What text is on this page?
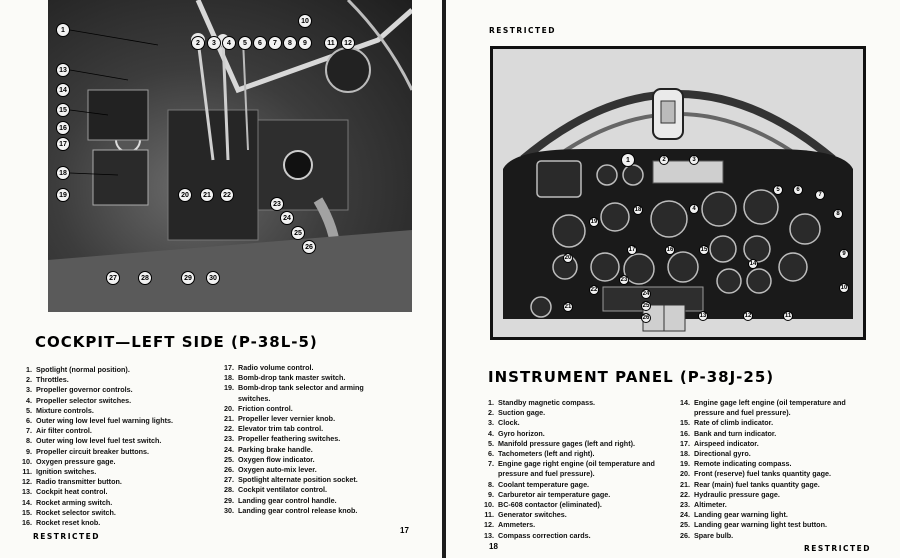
1
2	3	4	5	6	7	8	9
10
11	12
13
14
15
16
17
18
19	20	21	22
23
24
25
26
27	28	29	30
COCKPIT—LEFT SIDE (P-38L-5)
1. Spotlight (normal position).
2. Throttles.
3. Propeller governor controls.
4. Propeller selector switches.
5. Mixture controls.
6. Outer wing low level fuel warning lights.
7. Air filter control.
8. Outer wing low level fuel test switch.
9. Propeller circuit breaker buttons.
10. Oxygen pressure gage.
11. Ignition switches.
12. Radio transmitter button.
13. Cockpit heat control.
14. Rocket arming switch.
15. Rocket selector switch.
16. Rocket reset knob.
17. Radio volume control.
18. Bomb-drop tank master switch.
19. Bomb-drop tank selector and arming switches.
20. Friction control.
21. Propeller lever vernier knob.
22. Elevator trim tab control.
23. Propeller feathering switches.
24. Parking brake handle.
25. Oxygen flow indicator.
26. Oxygen auto-mix lever.
27. Spotlight alternate position socket.
28. Cockpit ventilator control.
29. Landing gear control handle.
30. Landing gear control release knob.
17
RESTRICTED
RESTRICTED
1	2	3
4
5	6
7
8
9
10
11
12
13
14
15
16
17
18
19
20
21
22
23
24
25
26
INSTRUMENT PANEL (P-38J-25)
1. Standby magnetic compass.
2. Suction gage.
3. Clock.
4. Gyro horizon.
5. Manifold pressure gages (left and right).
6. Tachometers (left and right).
7. Engine gage right engine (oil temperature and pressure and fuel pressure).
8. Coolant temperature gage.
9. Carburetor air temperature gage.
10. BC-608 contactor (eliminated).
11. Generator switches.
12. Ammeters.
13. Compass correction cards.
14. Engine gage left engine (oil temperature and pressure and fuel pressure).
15. Rate of climb indicator.
16. Bank and turn indicator.
17. Airspeed indicator.
18. Directional gyro.
19. Remote indicating compass.
20. Front (reserve) fuel tanks quantity gage.
21. Rear (main) fuel tanks quantity gage.
22. Hydraulic pressure gage.
23. Altimeter.
24. Landing gear warning light.
25. Landing gear warning light test button.
26. Spare bulb.
18	RESTRICTED
